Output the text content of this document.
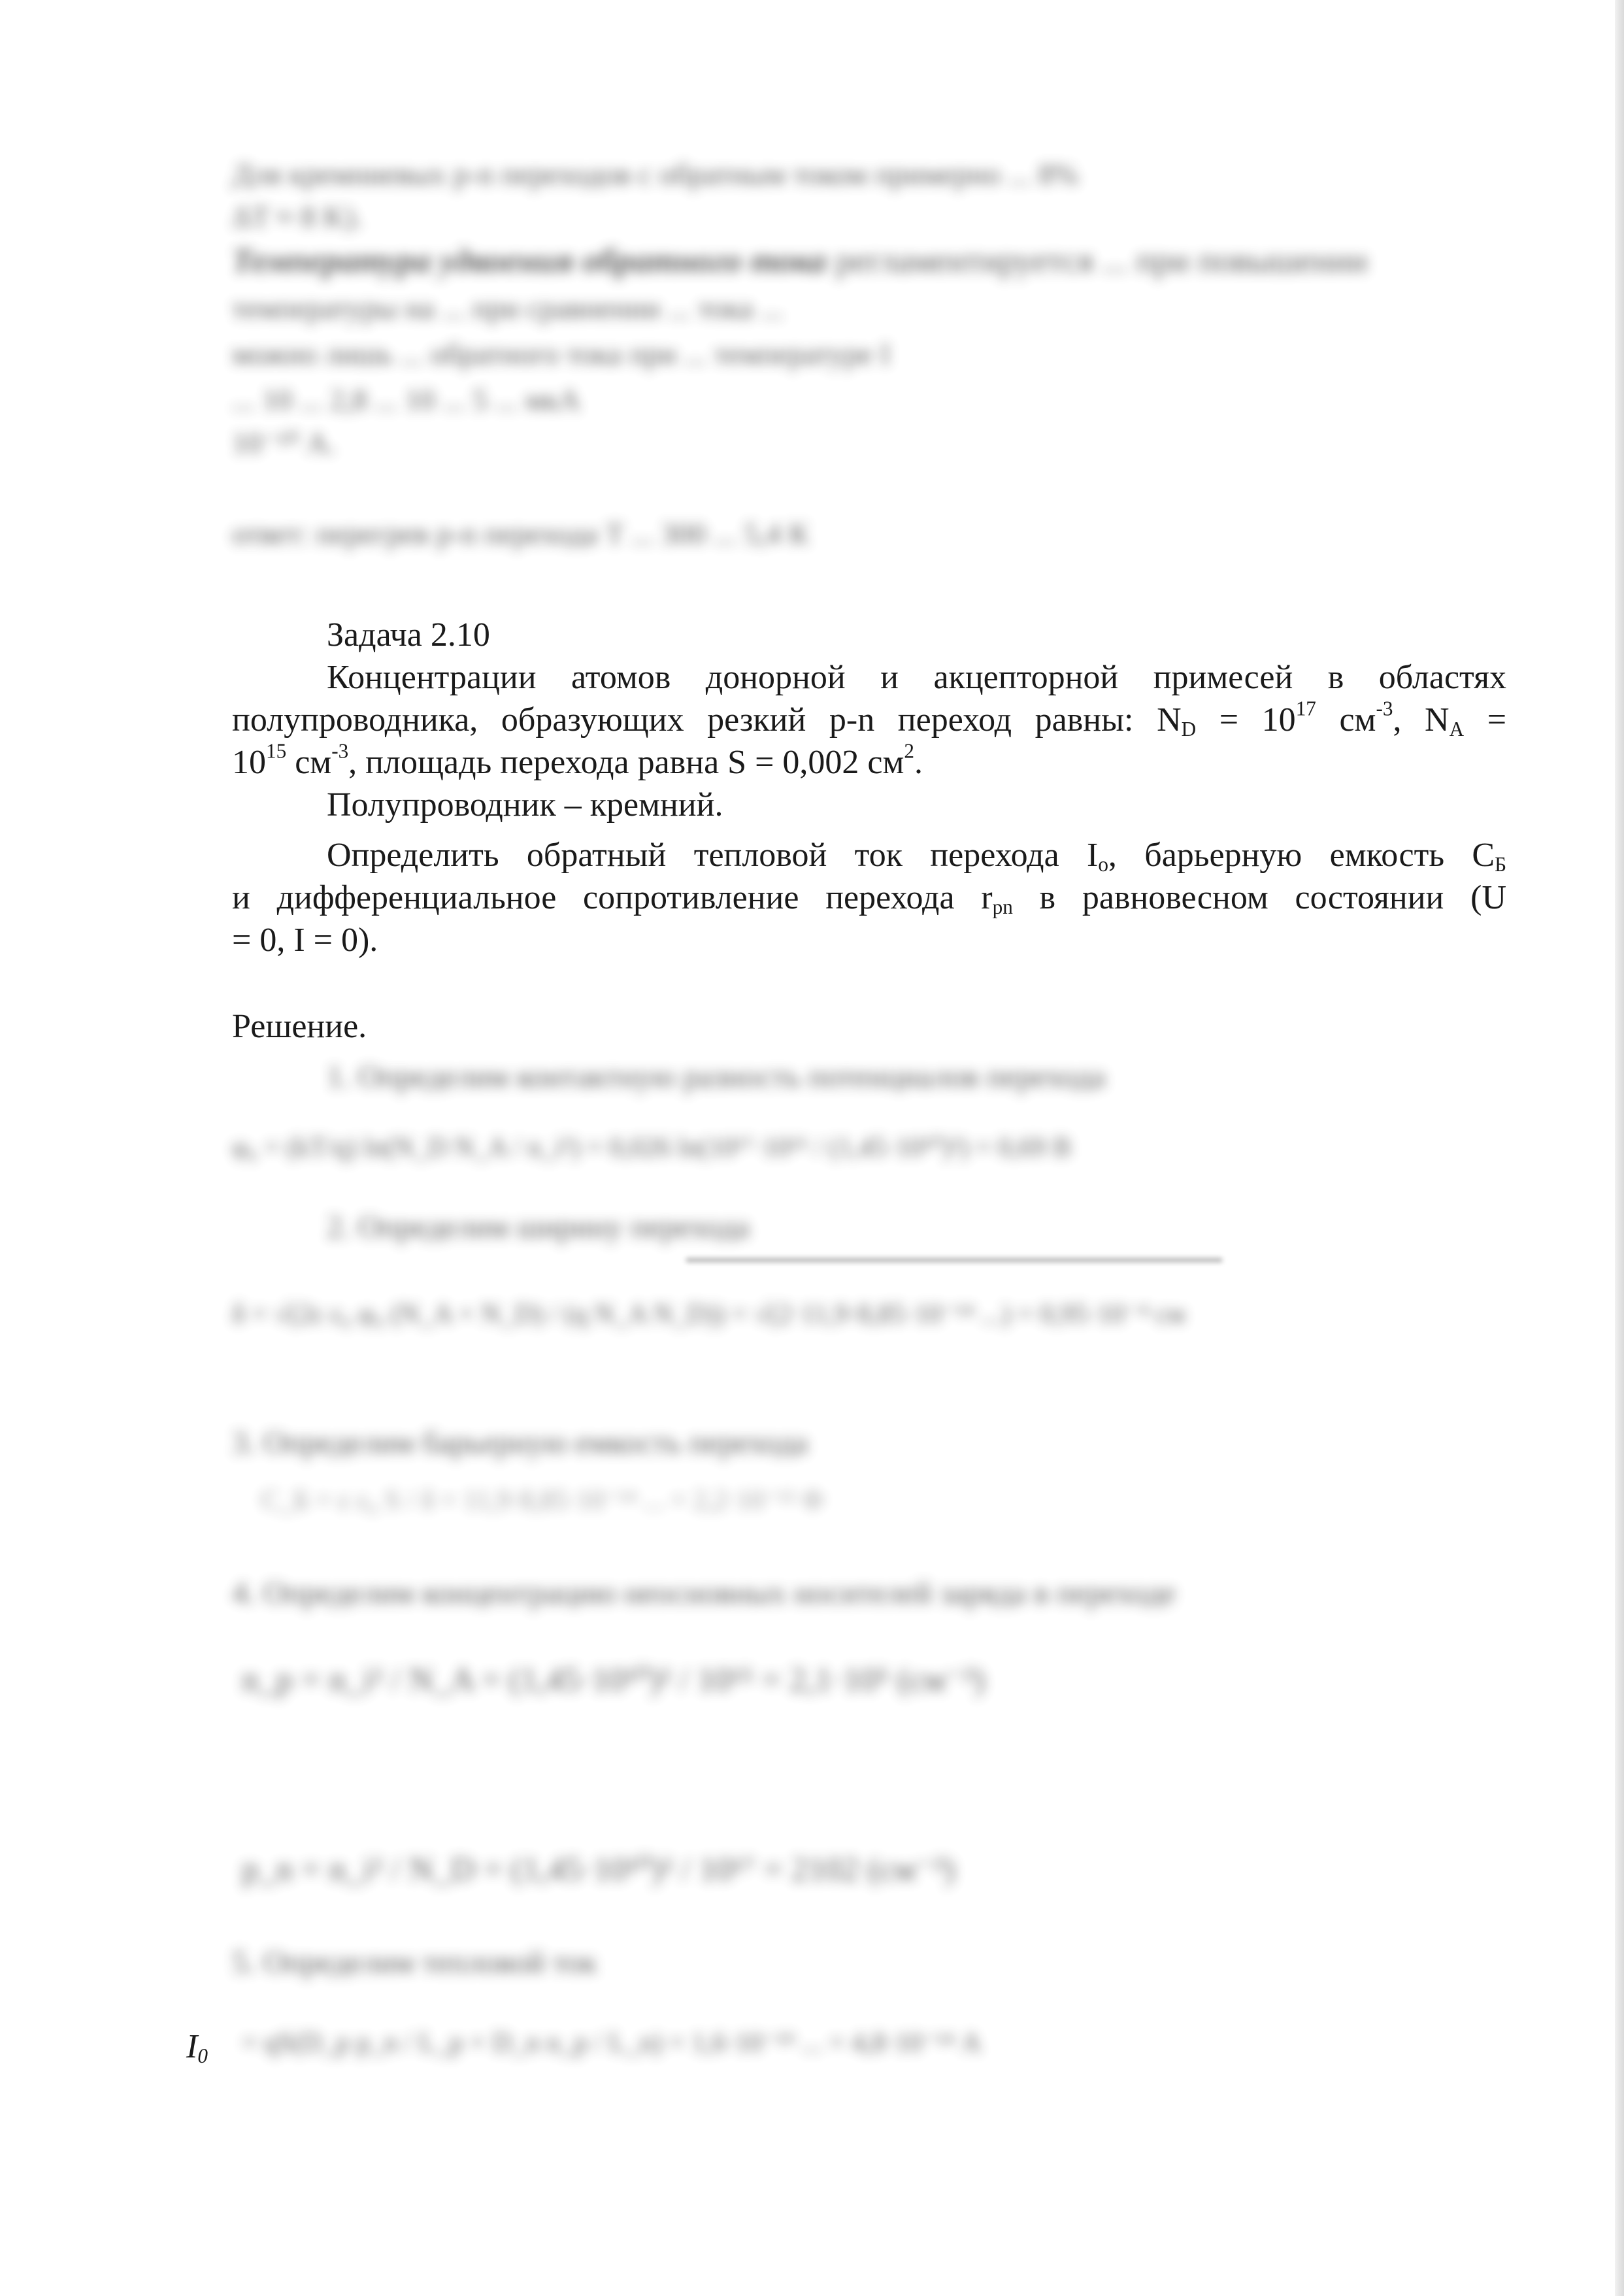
Для кремниевых p-n переходов с обратным током примерно ... 8%
ΔT ≈ 8 K).
Температура удвоения обратного тока регламентируется ... при повышении
температуры на ... при сравнении ... тока ...
можно лишь ... обратного тока при ... температуре I
... 10 ... 2,8 ... 10 ... 5 ... мкА
10⁻¹⁰ А.
ответ: перегрев p-n перехода T ... 300 ... 5,4 К
Задача 2.10
Концентрации атомов донорной и акцепторной примесей в областях
полупроводника, образующих резкий p-n переход равны: $N_D = 10^{17}$ $см^{-3}$, $N_A$ =
$10^{15}$ $см^{-3}$, площадь перехода равна S = 0,002 $см^2$.
Полупроводник – кремний.
Определить обратный тепловой ток перехода $I_o$, барьерную емкость $C_Б$
и дифференциальное сопротивление перехода $r_{pn}$ в равновесном состоянии (U
= 0, I = 0).
Решение.
1. Определим контактную разность потенциалов перехода
φ₀ = (kT/q) ln(N_D N_A / n_i²) = 0,026 ln(10¹⁷·10¹⁵ / (1,45·10¹⁰)²) = 0,69 В
2. Определим ширину перехода
δ = √(2ε ε₀ φ₀ (N_A + N_D) / (q N_A N_D)) = √(2·11,9·8,85·10⁻¹⁴ ...) = 0,95·10⁻⁴ см
3. Определим барьерную емкость перехода
C_Б = ε ε₀ S / δ = 11,9·8,85·10⁻¹⁴ ... = 2,2·10⁻¹² Ф
4. Определим концентрацию неосновных носителей заряда в переходе
n_p = n_i² / N_A = (1,45·10¹⁰)² / 10¹⁵ = 2,1·10⁵ (см⁻³)
p_n = n_i² / N_D = (1,45·10¹⁰)² / 10¹⁷ = 2102 (см⁻³)
5. Определим тепловой ток
$I_0$ = qS(D_p p_n / L_p + D_n n_p / L_n) = 1,6·10⁻¹⁹ ... = 4,8·10⁻¹⁴ А
